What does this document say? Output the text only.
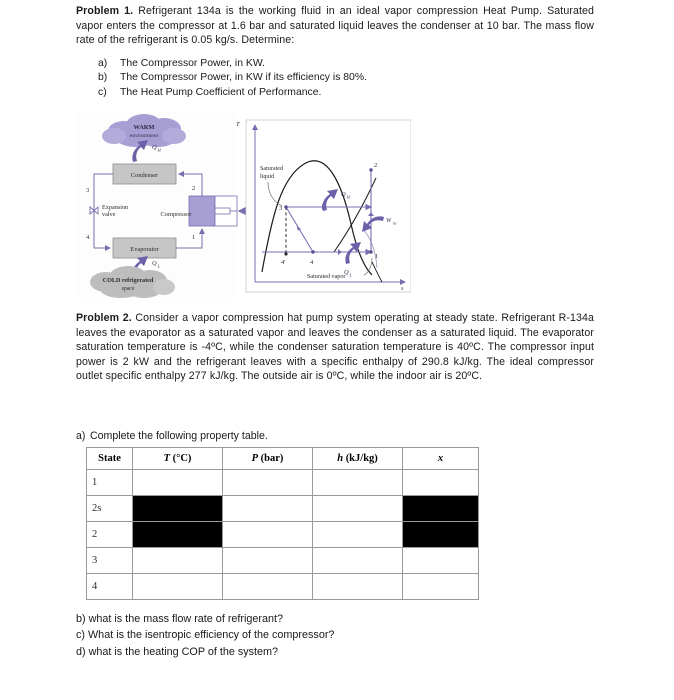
Problem 1. Refrigerant 134a is the working fluid in an ideal vapor compression Heat Pump. Saturated vapor enters the compressor at 1.6 bar and saturated liquid leaves the condenser at 10 bar. The mass flow rate of the refrigerant is 0.05 kg/s. Determine:
a)	The Compressor Power, in KW.
b)	The Compressor Power, in KW if its efficiency is 80%.
c)	The Heat Pump Coefficient of Performance.
WARM
environment
Q H
Condenser
Evaporator
Compressor
Expansion
valve
3
4
2
1
Q L
COLD refrigerated
space
T
s
3
2
1
4
4'
Saturated
liquid
Saturated vapor
Q H
Q L
W in
Problem 2. Consider a vapor compression hat pump system operating at steady state. Refrigerant R-134a leaves the evaporator as a saturated vapor and leaves the condenser as a saturated liquid. The evaporator saturation temperature is -4ºC, while the condenser saturation temperature is 40ºC. The compressor input power is 2 kW and the refrigerant leaves with a specific enthalpy of 290.8 kJ/kg. The ideal compressor outlet specific enthalpy 277 kJ/kg. The outside air is 0ºC, while the indoor air is 20ºC.
a) Complete the following property table.
State	T (°C)	P (bar)	h (kJ/kg)	x
1				
2s				
2				
3				
4				
b) what is the mass flow rate of refrigerant?
c) What is the isentropic efficiency of the compressor?
d) what is the heating COP of the system?
